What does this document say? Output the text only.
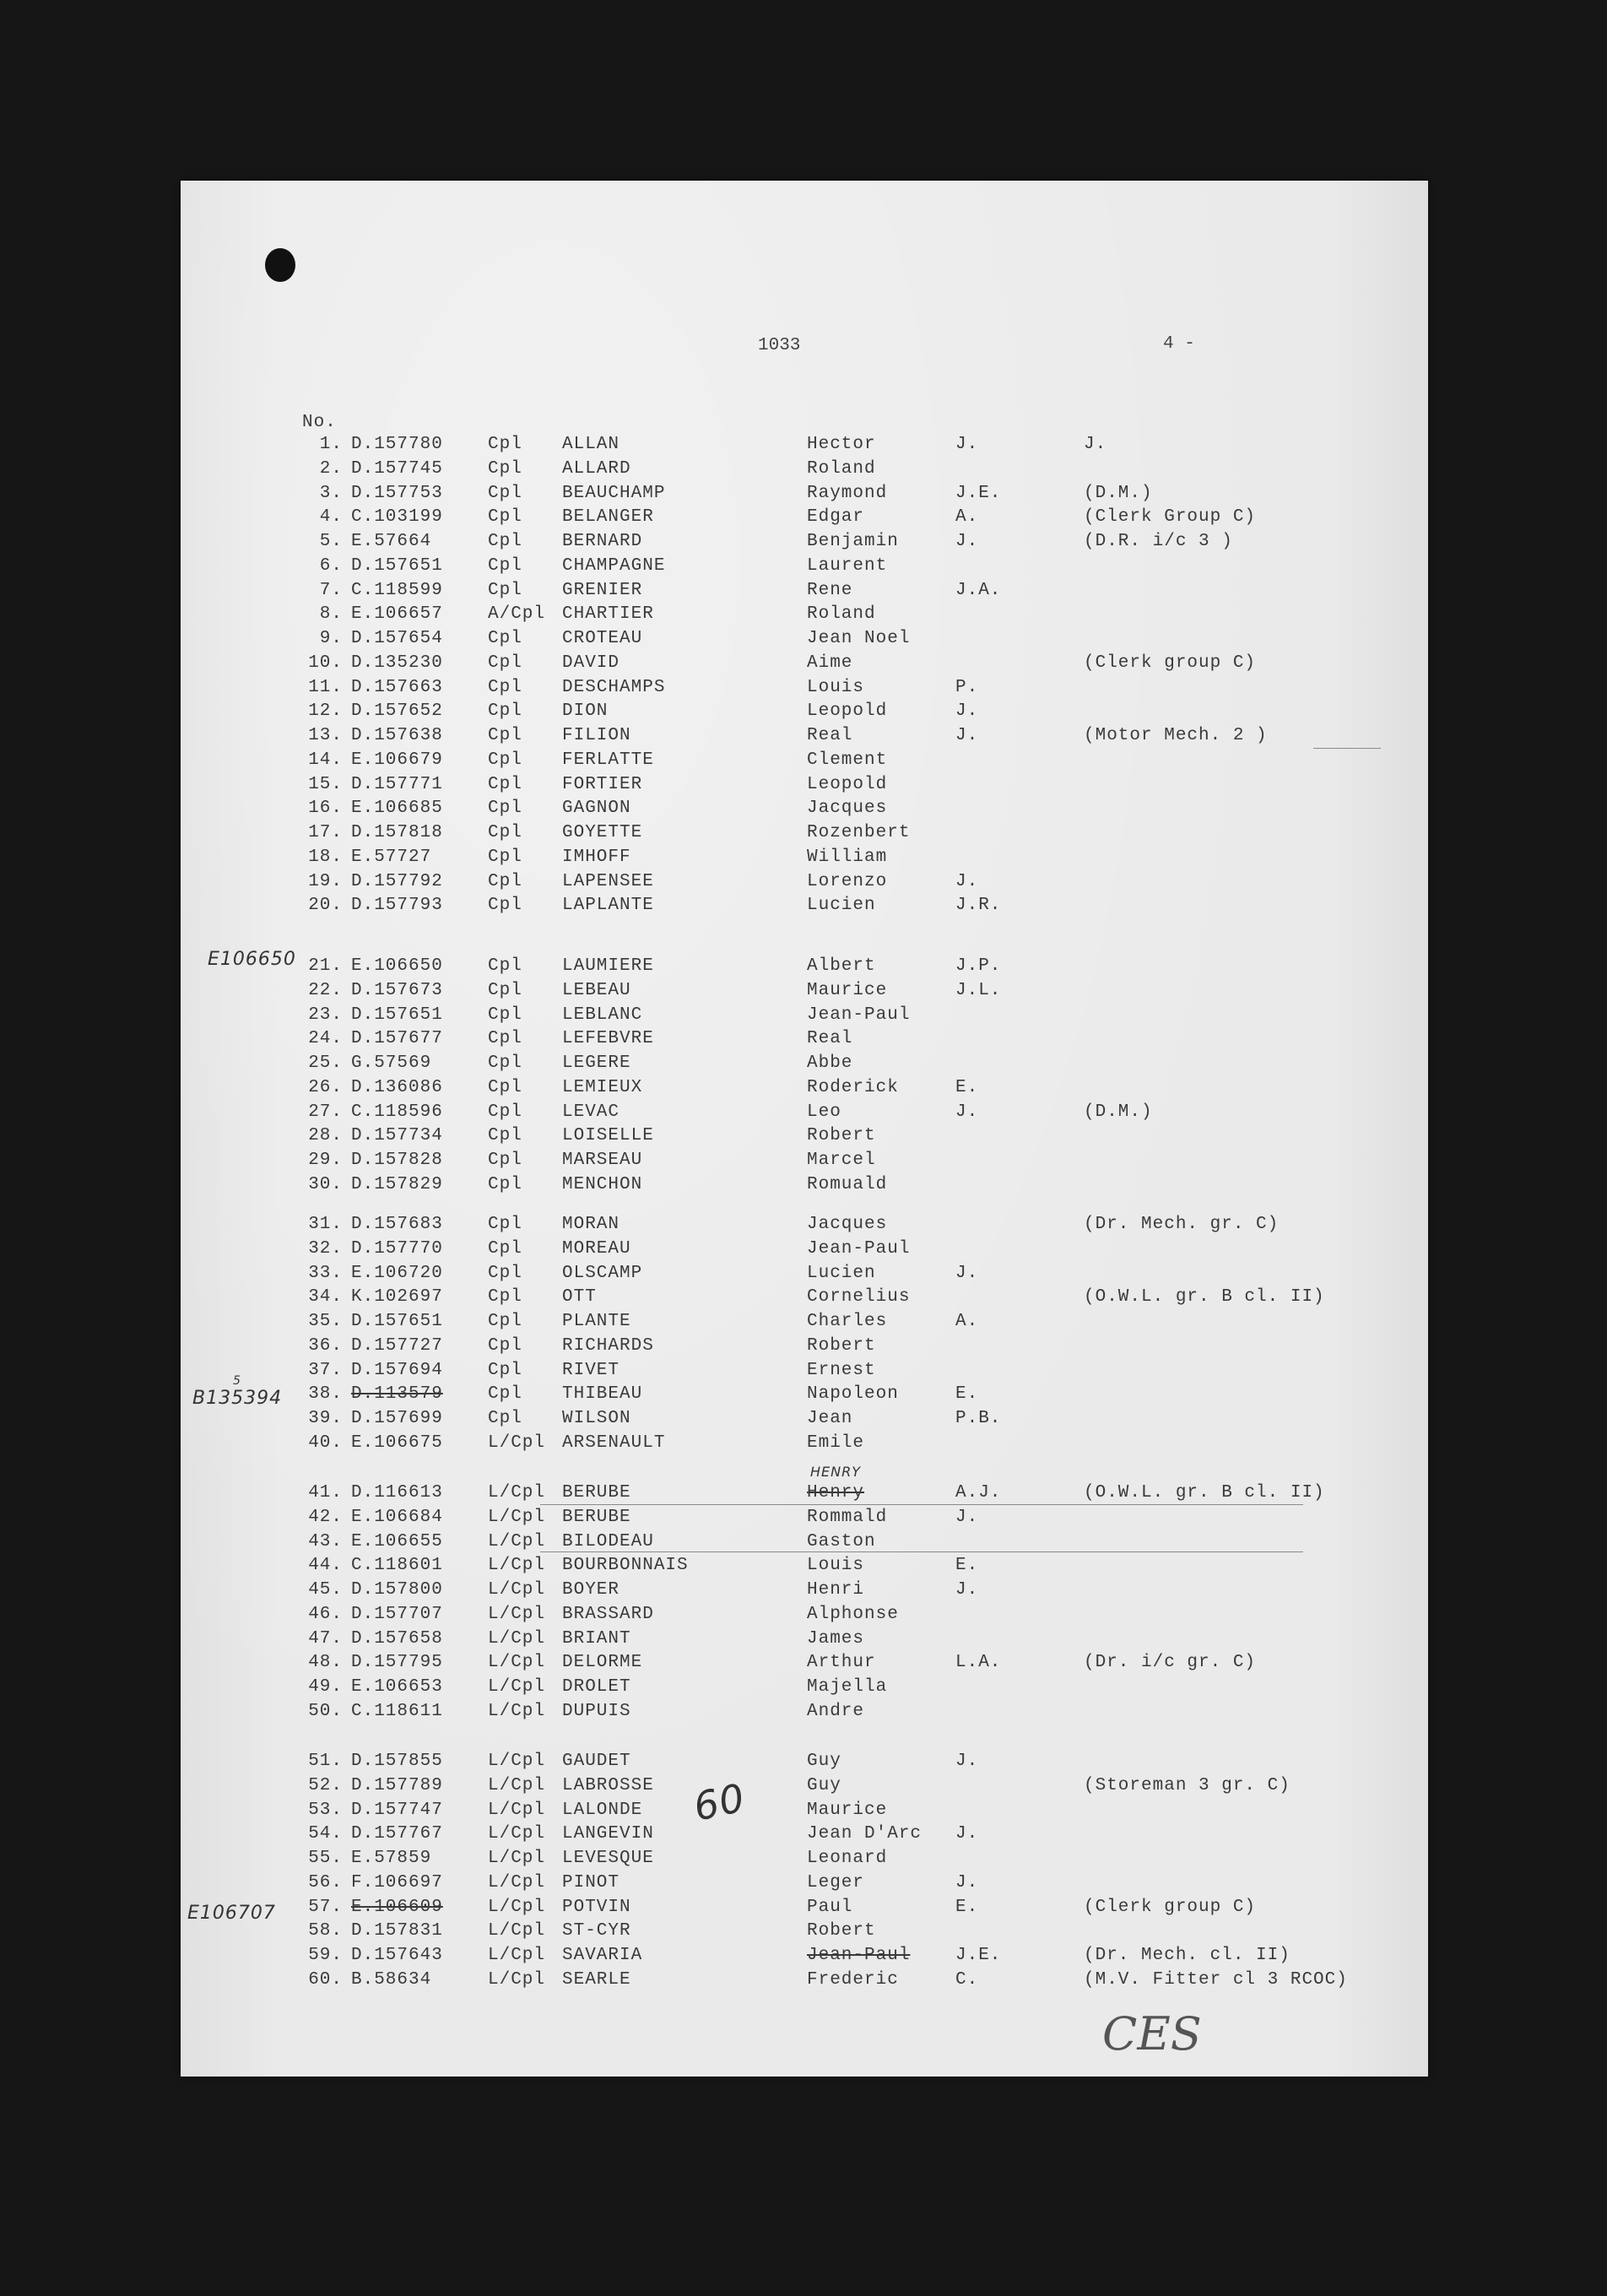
1033	4 -
No.
1. D.157780	Cpl ALLAN	Hector	J.	J.
2. D.157745	Cpl ALLARD	Roland
3. D.157753	Cpl BEAUCHAMP	Raymond	J.E.	(D.M.)
4. C.103199	Cpl BELANGER	Edgar	A.	(Clerk Group C)
5. E.57664	Cpl BERNARD	Benjamin	J.	(D.R. i/c 3 )
6. D.157651	Cpl CHAMPAGNE	Laurent
7. C.118599	Cpl GRENIER	Rene	J.A.
8. E.106657	A/Cpl CHARTIER	Roland
9. D.157654	Cpl CROTEAU	Jean Noel
10. D.135230	Cpl DAVID	Aime	(Clerk group C)
11. D.157663	Cpl DESCHAMPS	Louis	P.
12. D.157652	Cpl DION	Leopold	J.
13. D.157638	Cpl FILION	Real	J.	(Motor Mech. 2 )
14. E.106679	Cpl FERLATTE	Clement
15. D.157771	Cpl FORTIER	Leopold
16. E.106685	Cpl GAGNON	Jacques
17. D.157818	Cpl GOYETTE	Rozenbert
18. E.57727	Cpl IMHOFF	William
19. D.157792	Cpl LAPENSEE	Lorenzo	J.
20. D.157793	Cpl LAPLANTE	Lucien	J.R.
21. E.106650	Cpl LAUMIERE	Albert	J.P.
22. D.157673	Cpl LEBEAU	Maurice	J.L.
23. D.157651	Cpl LEBLANC	Jean-Paul
24. D.157677	Cpl LEFEBVRE	Real
25. G.57569	Cpl LEGERE	Abbe
26. D.136086	Cpl LEMIEUX	Roderick	E.
27. C.118596	Cpl LEVAC	Leo	J.	(D.M.)
28. D.157734	Cpl LOISELLE	Robert
29. D.157828	Cpl MARSEAU	Marcel
30. D.157829	Cpl MENCHON	Romuald
31. D.157683	Cpl MORAN	Jacques	(Dr. Mech. gr. C)
32. D.157770	Cpl MOREAU	Jean-Paul
33. E.106720	Cpl OLSCAMP	Lucien	J.
34. K.102697	Cpl OTT	Cornelius	(O.W.L. gr. B cl. II)
35. D.157651	Cpl PLANTE	Charles	A.
36. D.157727	Cpl RICHARDS	Robert
37. D.157694	Cpl RIVET	Ernest
38. D.113579	Cpl THIBEAU	Napoleon	E.
39. D.157699	Cpl WILSON	Jean	P.B.
40. E.106675	L/Cpl ARSENAULT	Emile
41. D.116613	L/Cpl BERUBE	Henry	A.J.	(O.W.L. gr. B cl. II)
42. E.106684	L/Cpl BERUBE	Rommald	J.
43. E.106655	L/Cpl BILODEAU	Gaston
44. C.118601	L/Cpl BOURBONNAIS	Louis	E.
45. D.157800	L/Cpl BOYER	Henri	J.
46. D.157707	L/Cpl BRASSARD	Alphonse
47. D.157658	L/Cpl BRIANT	James
48. D.157795	L/Cpl DELORME	Arthur	L.A.	(Dr. i/c gr. C)
49. E.106653	L/Cpl DROLET	Majella
50. C.118611	L/Cpl DUPUIS	Andre
51. D.157855	L/Cpl GAUDET	Guy	J.
52. D.157789	L/Cpl LABROSSE	Guy	(Storeman 3 gr. C)
53. D.157747	L/Cpl LALONDE	Maurice
54. D.157767	L/Cpl LANGEVIN	Jean D'Arc J.
55. E.57859	L/Cpl LEVESQUE	Leonard
56. F.106697	L/Cpl PINOT	Leger	J.
57. E.106609	L/Cpl POTVIN	Paul	E.	(Clerk group C)
58. D.157831	L/Cpl ST-CYR	Robert
59. D.157643	L/Cpl SAVARIA	Jean-Paul	J.E.	(Dr. Mech. cl. II)
60. B.58634	L/Cpl SEARLE	Frederic	C.	(M.V. Fitter cl 3 RCOC)
E106650
5
B135394
E106707
HENRY
60
CES
